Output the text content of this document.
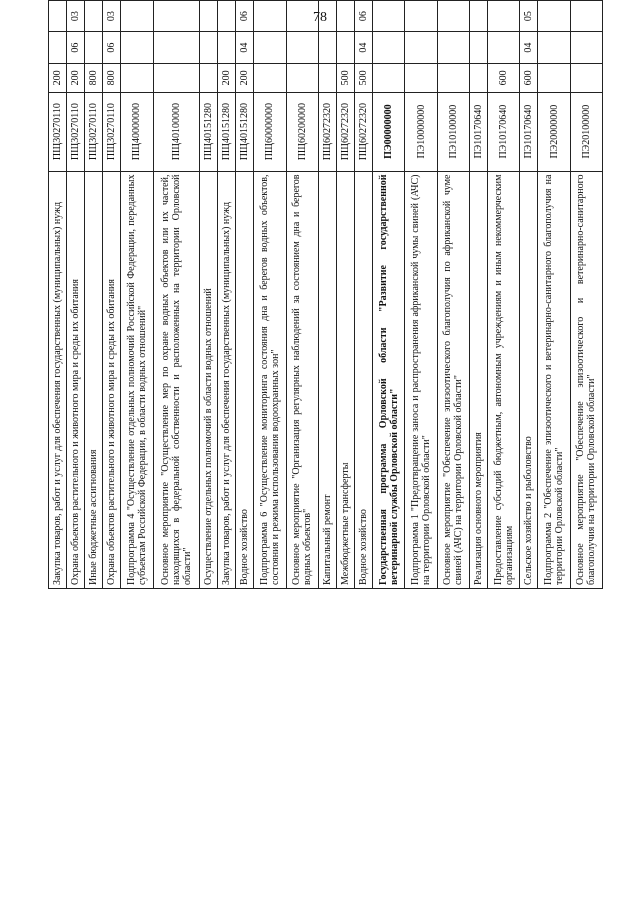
78
Закупка товаров, работ и услуг для обеспечения государственных (муниципальных) нужд	ПЩ30270110	200					
Охрана объектов растительного и животного мира и среды их обитания	ПЩ30270110	200	06	03			
Иные бюджетные ассигнования	ПЩ30270110	800					
Охрана объектов растительного и животного мира и среды их обитания	ПЩ30270110	800	06	03			
Подпрограмма 4 "Осуществление отдельных полномочий Российской Федерации, переданных субъектам Российской Федерации, в области водных отношений"	ПЩ40000000						
Основное мероприятие "Осуществление мер по охране водных объектов или их частей, находящихся в федеральной собственности и расположенных на территории Орловской области"	ПЩ40100000						
Осуществление отдельных полномочий в области водных отношений	ПЩ40151280						
Закупка товаров, работ и услуг для обеспечения государственных (муниципальных) нужд	ПЩ40151280	200					
Водное хозяйство	ПЩ40151280	200	04	06			
Подпрограмма 6 "Осуществление мониторинга состояния дна и берегов водных объектов, состояния и режима использования водоохранных зон"	ПЩ60000000						
Основное мероприятие "Организация регулярных наблюдений за состоянием дна и берегов водных объектов"	ПЩ60200000						
Капитальный ремонт	ПЩ60272320						
Межбюджетные трансферты	ПЩ60272320	500					
Водное хозяйство	ПЩ60272320	500	04	06			
Государственная программа Орловской области "Развитие государственной ветеринарной службы Орловской области"	ПЭ00000000						
Подпрограмма 1 "Предотвращение заноса и распространения африканской чумы свиней (АЧС) на территории Орловской области"	ПЭ10000000						
Основное мероприятие "Обеспечение эпизоотического благополучия по африканской чуме свиней (АЧС) на территории Орловской области"	ПЭ10100000						
Реализация основного мероприятия	ПЭ10170640						
Предоставление субсидий бюджетным, автономным учреждениям и иным некоммерческим организациям	ПЭ10170640	600					
Сельское хозяйство и рыболовство	ПЭ10170640	600	04	05			
Подпрограмма 2 "Обеспечение эпизоотического и ветеринарно-санитарного благополучия на территории Орловской области"	ПЭ20000000						
Основное мероприятие "Обеспечение эпизоотического и ветеринарно-санитарного благополучия на территории Орловской области"	ПЭ20100000						
